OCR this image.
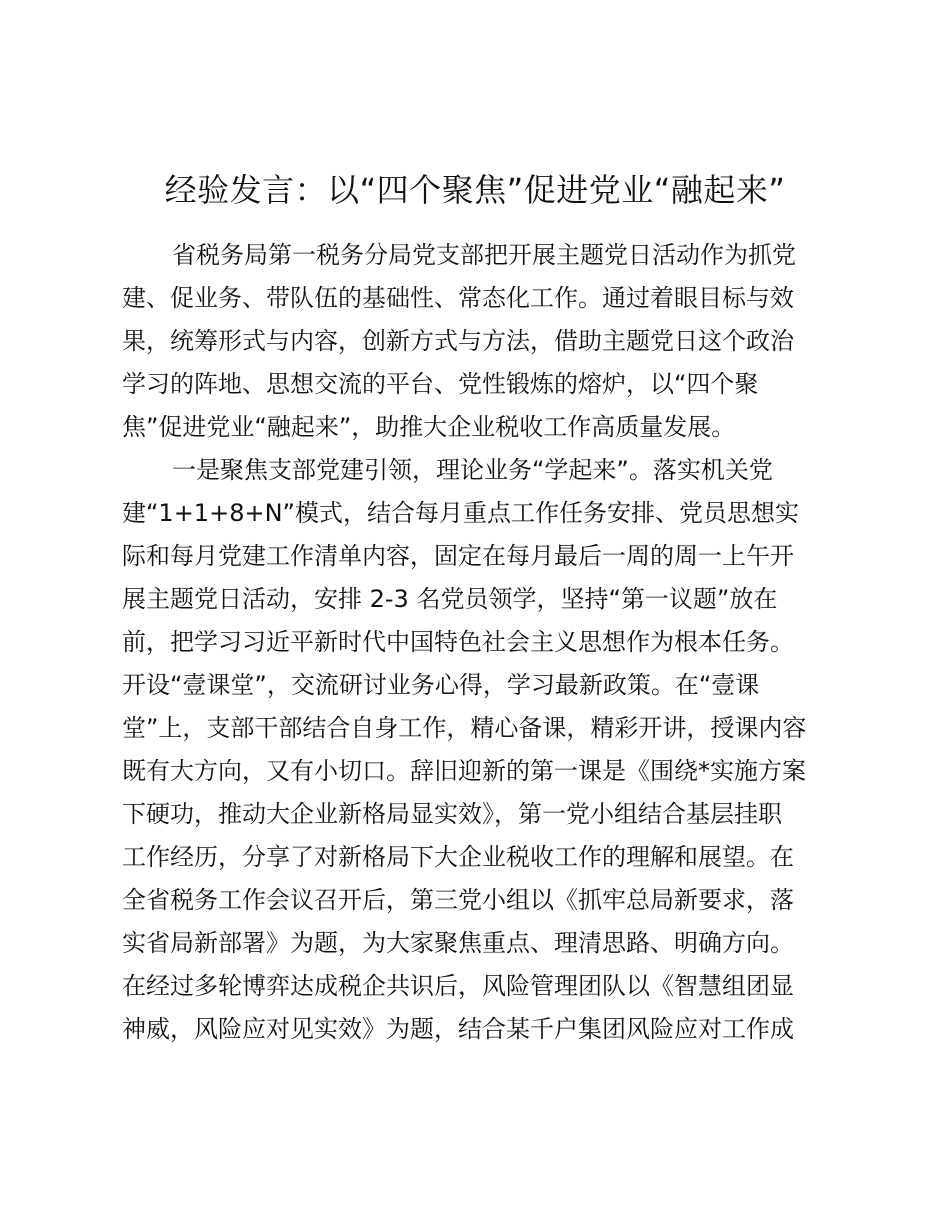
经验发言：以“四个聚焦”促进党业“融起来”
省税务局第一税务分局党支部把开展主题党日活动作为抓党
建、促业务、带队伍的基础性、常态化工作。通过着眼目标与效
果，统筹形式与内容，创新方式与方法，借助主题党日这个政治
学习的阵地、思想交流的平台、党性锻炼的熔炉，以“四个聚
焦”促进党业“融起来”，助推大企业税收工作高质量发展。
一是聚焦支部党建引领，理论业务“学起来”。落实机关党
建“1+1+8+N”模式，结合每月重点工作任务安排、党员思想实
际和每月党建工作清单内容，固定在每月最后一周的周一上午开
展主题党日活动，安排 2-3 名党员领学，坚持“第一议题”放在
前，把学习习近平新时代中国特色社会主义思想作为根本任务。
开设“壹课堂”，交流研讨业务心得，学习最新政策。在“壹课
堂”上，支部干部结合自身工作，精心备课，精彩开讲，授课内容
既有大方向，又有小切口。辞旧迎新的第一课是《围绕*实施方案
下硬功，推动大企业新格局显实效》，第一党小组结合基层挂职
工作经历，分享了对新格局下大企业税收工作的理解和展望。在
全省税务工作会议召开后，第三党小组以《抓牢总局新要求，落
实省局新部署》为题，为大家聚焦重点、理清思路、明确方向。
在经过多轮博弈达成税企共识后，风险管理团队以《智慧组团显
神威，风险应对见实效》为题，结合某千户集团风险应对工作成
